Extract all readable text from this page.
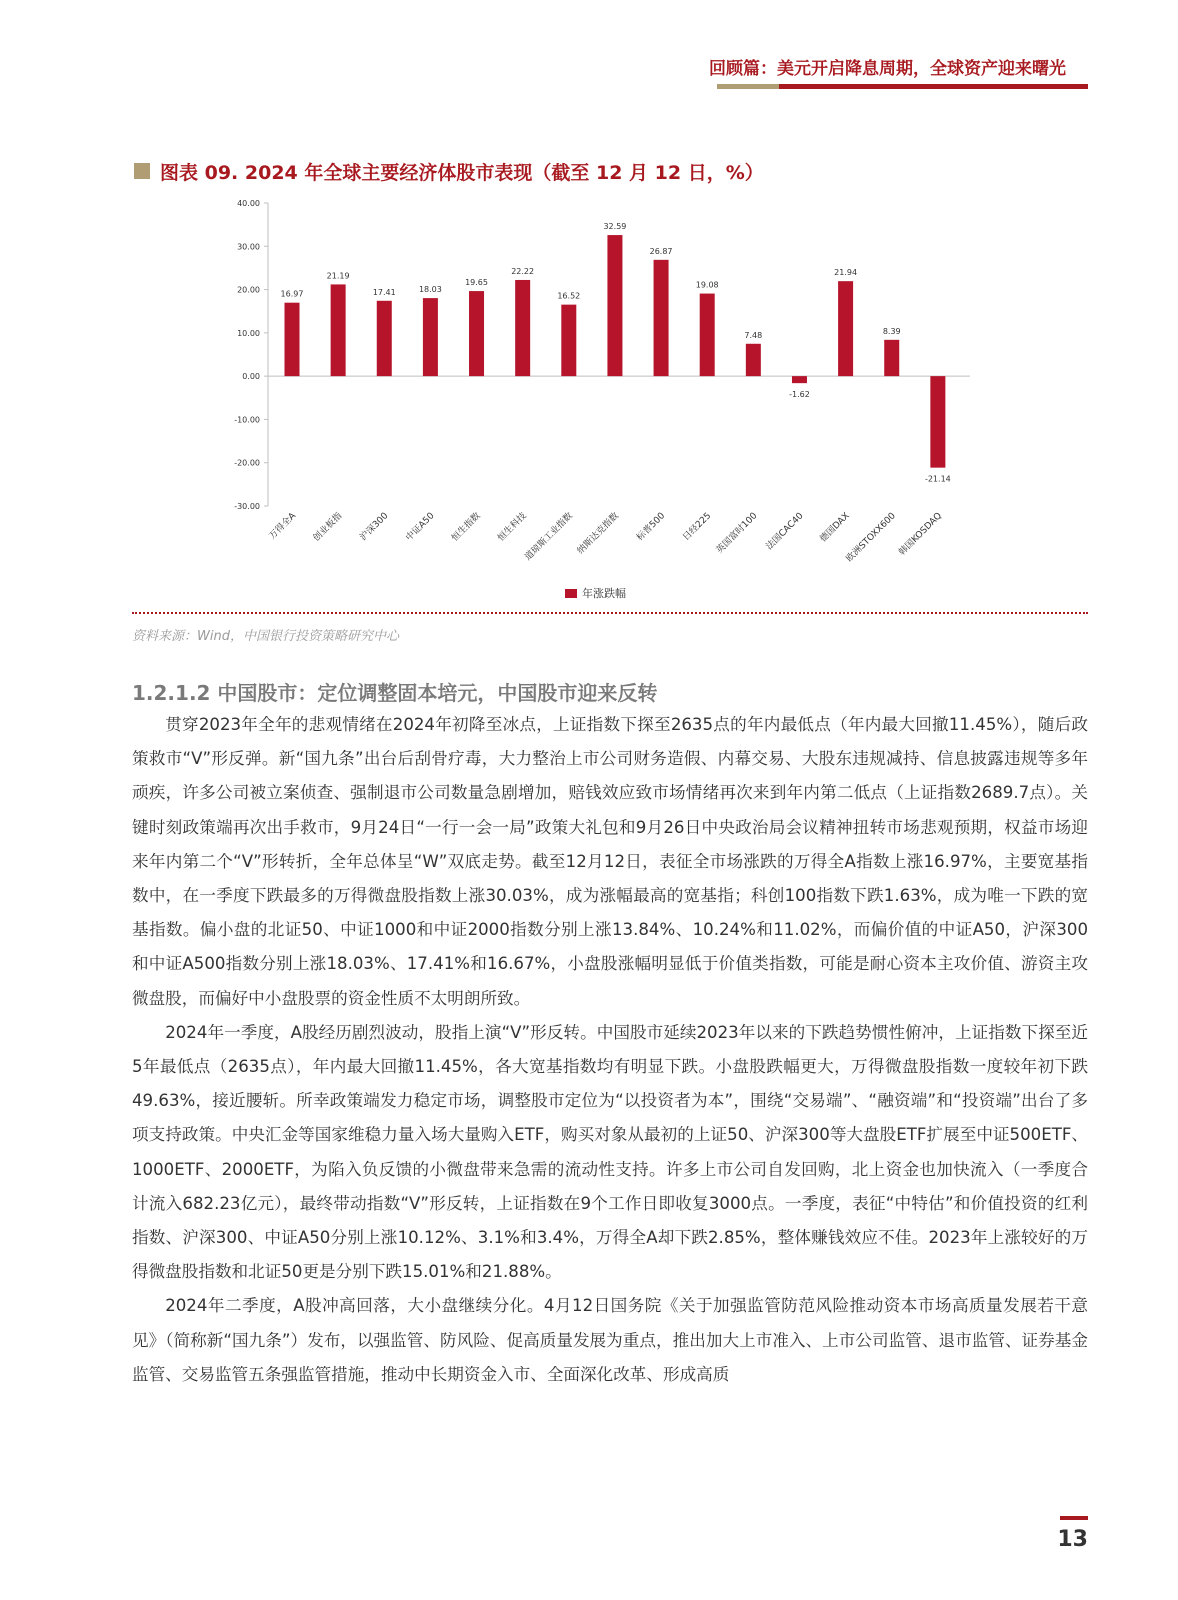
回顾篇：美元开启降息周期，全球资产迎来曙光
图表 09. 2024 年全球主要经济体股市表现（截至 12 月 12 日，%）
40.00
30.00
20.00
10.00
0.00
-10.00
-20.00
-30.00
16.97
万得全A
21.19
创业板指
17.41
沪深300
18.03
中证A50
19.65
恒生指数
22.22
恒生科技
16.52
道琼斯工业指数
32.59
纳斯达克指数
26.87
标普500
19.08
日经225
7.48
英国富时100
-1.62
法国CAC40
21.94
德国DAX
8.39
欧洲STOXX600
-21.14
韩国KOSDAQ
年涨跌幅
资料来源：Wind，中国银行投资策略研究中心
1.2.1.2 中国股市：定位调整固本培元，中国股市迎来反转

贯穿2023年全年的悲观情绪在2024年初降至冰点，上证指数下探至2635点的年内最低点（年内最大回撤11.45%），随后政策救市“V”形反弹。新“国九条”出台后刮骨疗毒，大力整治上市公司财务造假、内幕交易、大股东违规减持、信息披露违规等多年顽疾，许多公司被立案侦查、强制退市公司数量急剧增加，赔钱效应致市场情绪再次来到年内第二低点（上证指数2689.7点）。关键时刻政策端再次出手救市，9月24日“一行一会一局”政策大礼包和9月26日中央政治局会议精神扭转市场悲观预期，权益市场迎来年内第二个“V”形转折，全年总体呈“W”双底走势。截至12月12日，表征全市场涨跌的万得全A指数上涨16.97%，主要宽基指数中，在一季度下跌最多的万得微盘股指数上涨30.03%，成为涨幅最高的宽基指；科创100指数下跌1.63%，成为唯一下跌的宽基指数。偏小盘的北证50、中证1000和中证2000指数分别上涨13.84%、10.24%和11.02%，而偏价值的中证A50，沪深300和中证A500指数分别上涨18.03%、17.41%和16.67%，小盘股涨幅明显低于价值类指数，可能是耐心资本主攻价值、游资主攻微盘股，而偏好中小盘股票的资金性质不太明朗所致。

2024年一季度，A股经历剧烈波动，股指上演“V”形反转。中国股市延续2023年以来的下跌趋势惯性俯冲，上证指数下探至近5年最低点（2635点），年内最大回撤11.45%，各大宽基指数均有明显下跌。小盘股跌幅更大，万得微盘股指数一度较年初下跌49.63%，接近腰斩。所幸政策端发力稳定市场，调整股市定位为“以投资者为本”，围绕“交易端”、“融资端”和“投资端”出台了多项支持政策。中央汇金等国家维稳力量入场大量购入ETF，购买对象从最初的上证50、沪深300等大盘股ETF扩展至中证500ETF、1000ETF、2000ETF，为陷入负反馈的小微盘带来急需的流动性支持。许多上市公司自发回购，北上资金也加快流入（一季度合计流入682.23亿元），最终带动指数“V”形反转，上证指数在9个工作日即收复3000点。一季度，表征“中特估”和价值投资的红利指数、沪深300、中证A50分别上涨10.12%、3.1%和3.4%，万得全A却下跌2.85%，整体赚钱效应不佳。2023年上涨较好的万得微盘股指数和北证50更是分别下跌15.01%和21.88%。

2024年二季度，A股冲高回落，大小盘继续分化。4月12日国务院《关于加强监管防范风险推动资本市场高质量发展若干意见》（简称新“国九条”）发布，以强监管、防风险、促高质量发展为重点，推出加大上市准入、上市公司监管、退市监管、证券基金监管、交易监管五条强监管措施，推动中长期资金入市、全面深化改革、形成高质

13
